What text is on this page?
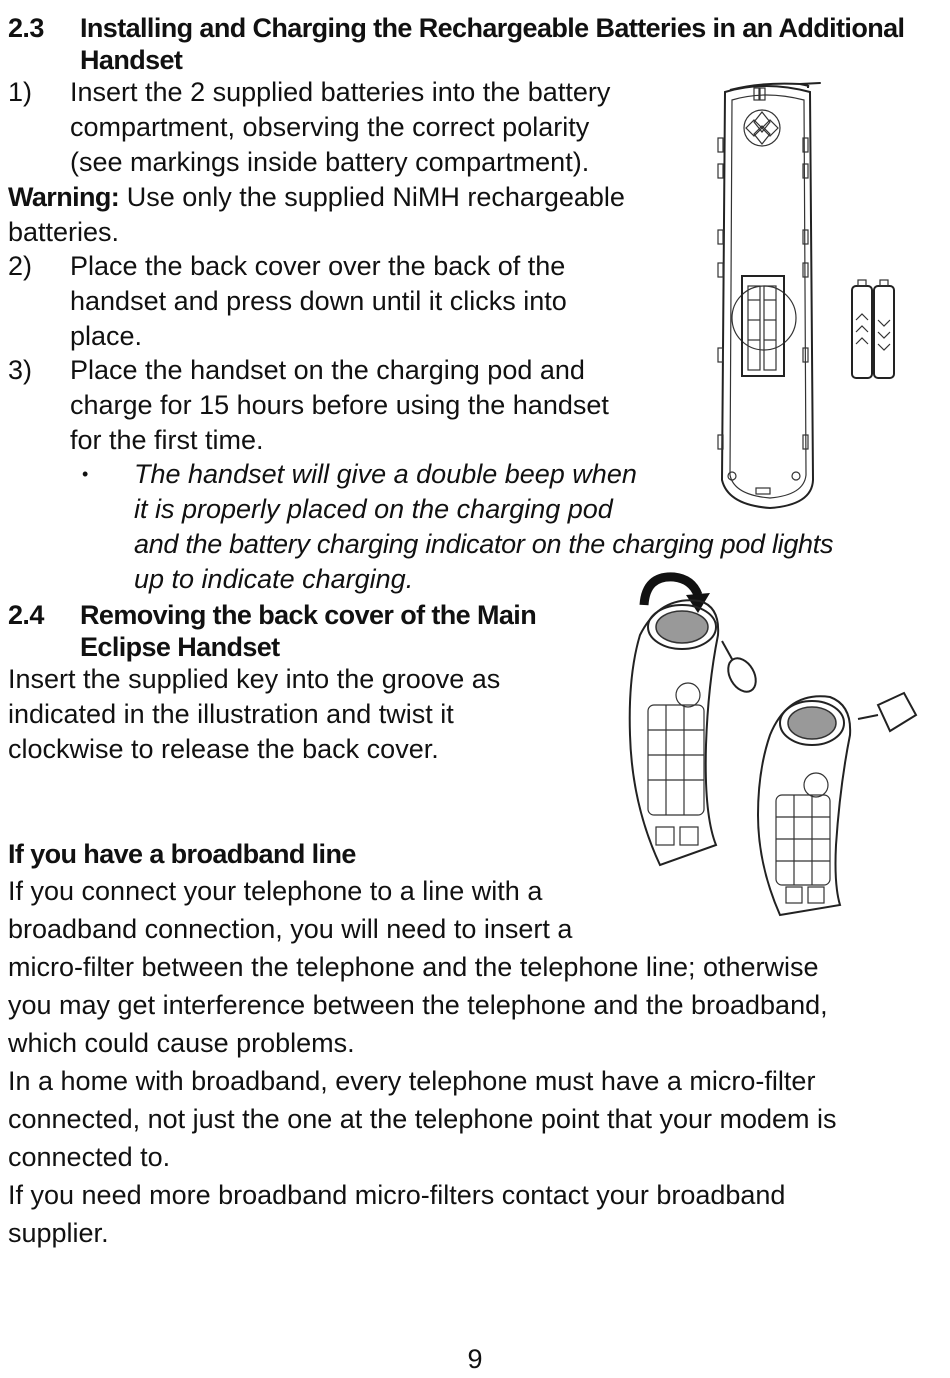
2.3 Installing and Charging the Rechargeable Batteries in an Additional
Handset
1) Insert the 2 supplied batteries into the battery
compartment, observing the correct polarity
(see markings inside battery compartment).
Warning: Use only the supplied NiMH rechargeable
batteries.
2) Place the back cover over the back of the
handset and press down until it clicks into
place.
3) Place the handset on the charging pod and
charge for 15 hours before using the handset
for the first time.
• The handset will give a double beep when
it is properly placed on the charging pod
and the battery charging indicator on the charging pod lights
up to indicate charging.
2.4 Removing the back cover of the Main
Eclipse Handset
Insert the supplied key into the groove as
indicated in the illustration and twist it
clockwise to release the back cover.
If you have a broadband line
If you connect your telephone to a line with a
broadband connection, you will need to insert a
micro-filter between the telephone and the telephone line; otherwise
you may get interference between the telephone and the broadband,
which could cause problems.
In a home with broadband, every telephone must have a micro-filter
connected, not just the one at the telephone point that your modem is
connected to.
If you need more broadband micro-filters contact your broadband
supplier.
9
